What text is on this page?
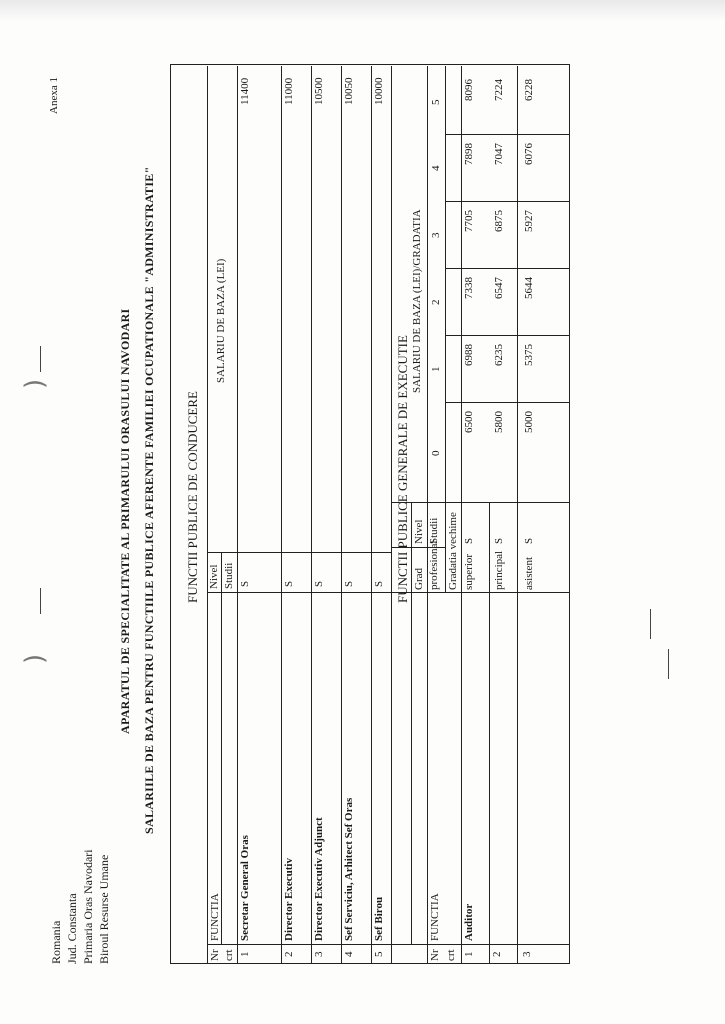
Romania Jud. Constanta Primaria Oras Navodari Biroul Resurse Umane
Anexa 1
APARATUL DE SPECIALITATE AL PRIMARULUI ORASULUI NAVODARI SALARIILE DE BAZA PENTRU FUNCTIILE PUBLICE AFERENTE FAMILIEI OCUPATIONALE "ADMINISTRATIE"
)
)
FUNCTII PUBLICE DE CONDUCERE
Nr crt
FUNCTIA
Nivel Studii
SALARIU DE BAZA (LEI)
1
Secretar General Oras
S
11400
2
Director Executiv
S
11000
3
Director Executiv Adjunct
S
10500
4
Sef Serviciu, Arhitect Sef Oras
S
10050
5
Sef Birou
S
10000
FUNCTII PUBLICE GENERALE DE EXECUTIE
Nr crt
FUNCTIA
Grad profesional
Nivel Studii Gradatia vechime
SALARIU DE BAZA (LEI)/GRADATIA
0
1
2
3
4
5
1
Auditor
superior
S
6500
6988
7338
7705
7898
8096
2
principal
S
5800
6235
6547
6875
7047
7224
3
asistent
S
5000
5375
5644
5927
6076
6228
